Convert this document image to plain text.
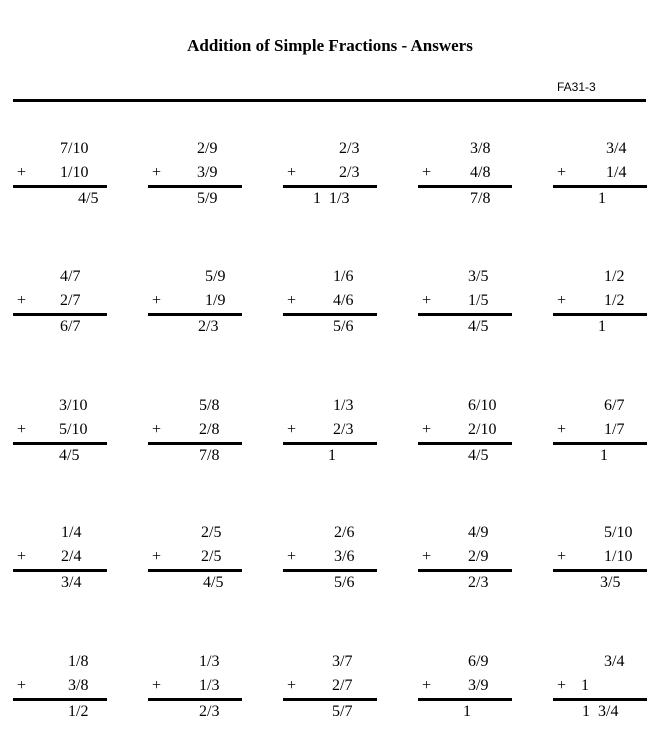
Addition of Simple Fractions - Answers
FA31-3
7/10
+ 1/10
4/5
2/9
+ 3/9
5/9
2/3
+	2/3
1  1/3
3/8
+ 4/8
7/8
3/4
+ 1/4
1
4/7
+ 2/7
6/7
5/9
+	1/9
2/3
1/6
+ 4/6
5/6
3/5
+ 1/5
4/5
1/2
+ 1/2
1
3/10
+ 5/10
4/5
5/8
+ 2/8
7/8
1/3
+ 2/3
1
6/10
+ 2/10
4/5
6/7
+ 1/7
1
1/4
+ 2/4
3/4
2/5
+ 2/5
4/5
2/6
+ 3/6
5/6
4/9
+ 2/9
2/3
5/10
+ 1/10
3/5
1/8
+	3/8
1/2
1/3
+ 1/3
2/3
3/7
+ 2/7
5/7
6/9
+ 3/9
1
3/4
+ 1
1  3/4
